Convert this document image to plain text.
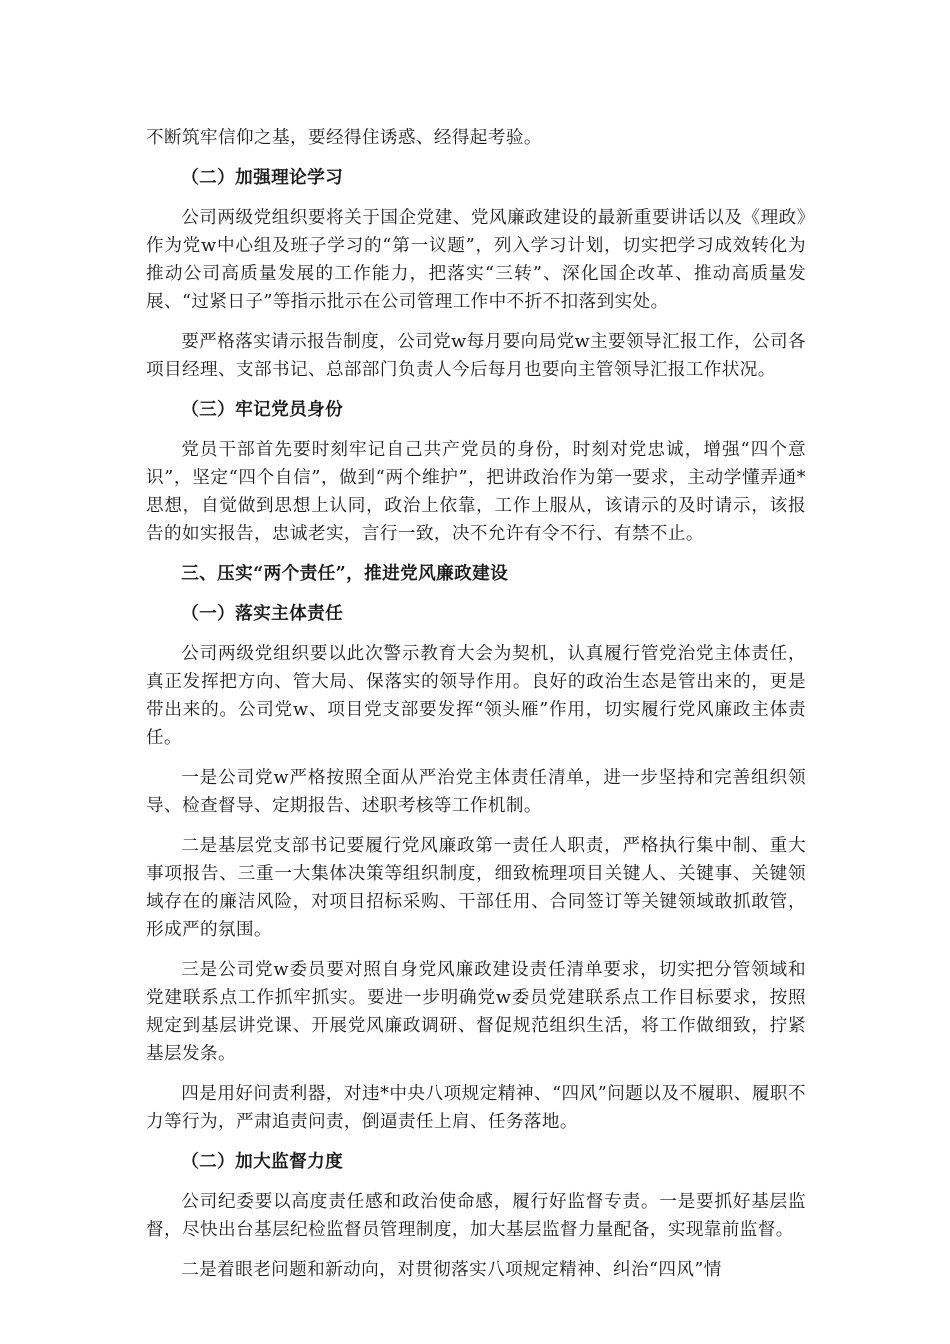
不断筑牢信仰之基，要经得住诱惑、经得起考验。

（二）加强理论学习

公司两级党组织要将关于国企党建、党风廉政建设的最新重要讲话以及《理政》作为党w中心组及班子学习的“第一议题”，列入学习计划，切实把学习成效转化为推动公司高质量发展的工作能力，把落实“三转”、深化国企改革、推动高质量发展、“过紧日子”等指示批示在公司管理工作中不折不扣落到实处。

要严格落实请示报告制度，公司党w每月要向局党w主要领导汇报工作，公司各项目经理、支部书记、总部部门负责人今后每月也要向主管领导汇报工作状况。

（三）牢记党员身份

党员干部首先要时刻牢记自己共产党员的身份，时刻对党忠诚，增强“四个意识”，坚定“四个自信”，做到“两个维护”，把讲政治作为第一要求，主动学懂弄通*思想，自觉做到思想上认同，政治上依靠，工作上服从，该请示的及时请示，该报告的如实报告，忠诚老实，言行一致，决不允许有令不行、有禁不止。

三、压实“两个责任”，推进党风廉政建设

（一）落实主体责任

公司两级党组织要以此次警示教育大会为契机，认真履行管党治党主体责任，真正发挥把方向、管大局、保落实的领导作用。良好的政治生态是管出来的，更是带出来的。公司党w、项目党支部要发挥“领头雁”作用，切实履行党风廉政主体责任。

一是公司党w严格按照全面从严治党主体责任清单，进一步坚持和完善组织领导、检查督导、定期报告、述职考核等工作机制。

二是基层党支部书记要履行党风廉政第一责任人职责，严格执行集中制、重大事项报告、三重一大集体决策等组织制度，细致梳理项目关键人、关键事、关键领域存在的廉洁风险，对项目招标采购、干部任用、合同签订等关键领域敢抓敢管，形成严的氛围。

三是公司党w委员要对照自身党风廉政建设责任清单要求，切实把分管领域和党建联系点工作抓牢抓实。要进一步明确党w委员党建联系点工作目标要求，按照规定到基层讲党课、开展党风廉政调研、督促规范组织生活，将工作做细致，拧紧基层发条。

四是用好问责利器，对违*中央八项规定精神、“四风”问题以及不履职、履职不力等行为，严肃追责问责，倒逼责任上肩、任务落地。

（二）加大监督力度

公司纪委要以高度责任感和政治使命感，履行好监督专责。一是要抓好基层监督，尽快出台基层纪检监督员管理制度，加大基层监督力量配备，实现靠前监督。

二是着眼老问题和新动向，对贯彻落实八项规定精神、纠治“四风”情
